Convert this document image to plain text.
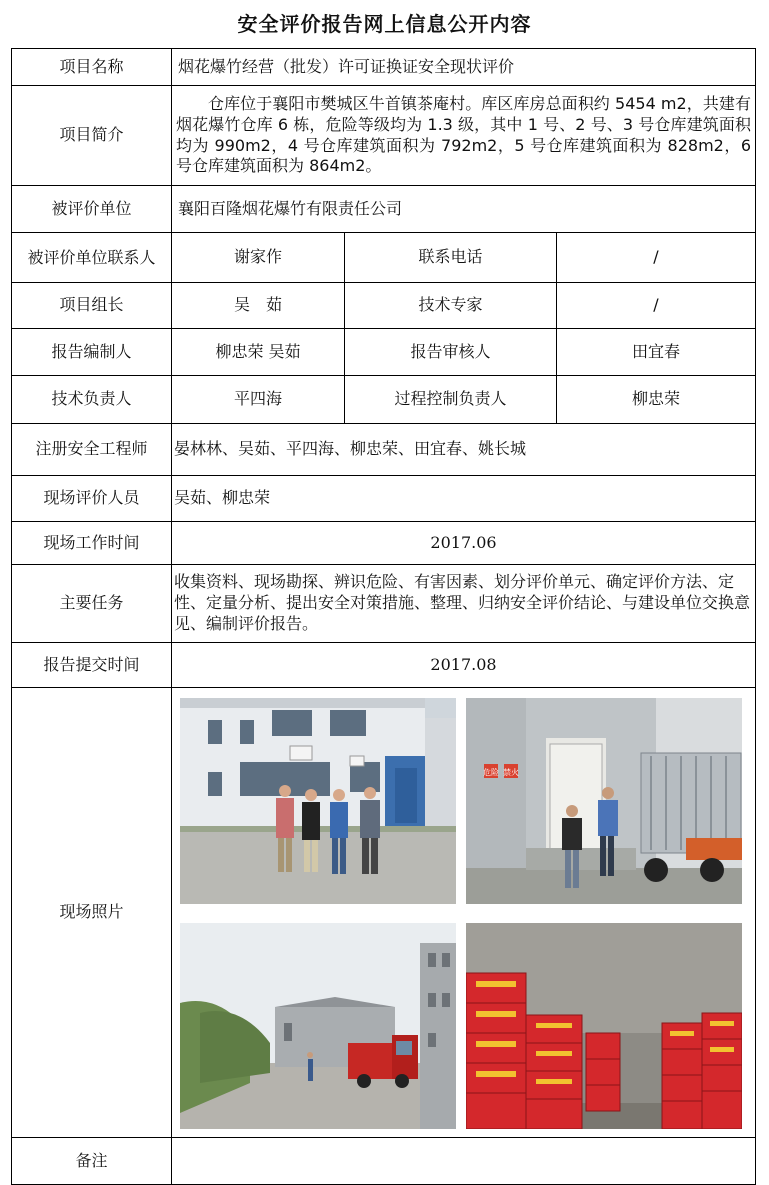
安全评价报告网上信息公开内容
项目名称	烟花爆竹经营（批发）许可证换证安全现状评价		
项目简介	仓库位于襄阳市樊城区牛首镇茶庵村。库区库房总面积约 5454 m2，共建有烟花爆竹仓库 6 栋，危险等级均为 1.3 级，其中 1 号、2 号、3 号仓库建筑面积均为 990m2，4 号仓库建筑面积为 792m2，5 号仓库建筑面积为 828m2，6 号仓库建筑面积为 864m2。		
被评价单位	襄阳百隆烟花爆竹有限责任公司		
被评价单位联系人	谢家作	联系电话	/
项目组长	吴　茹	技术专家	/
报告编制人	柳忠荣 吴茹	报告审核人	田宜春
技术负责人	平四海	过程控制负责人	柳忠荣
注册安全工程师	晏林林、吴茹、平四海、柳忠荣、田宜春、姚长城		
现场评价人员	吴茹、柳忠荣		
现场工作时间	2017.06		
主要任务	收集资料、现场勘探、辨识危险、有害因素、划分评价单元、确定评价方法、定性、定量分析、提出安全对策措施、整理、归纳安全评价结论、与建设单位交换意见、编制评价报告。		
报告提交时间	2017.08		
现场照片	危险 禁火		

备注			
